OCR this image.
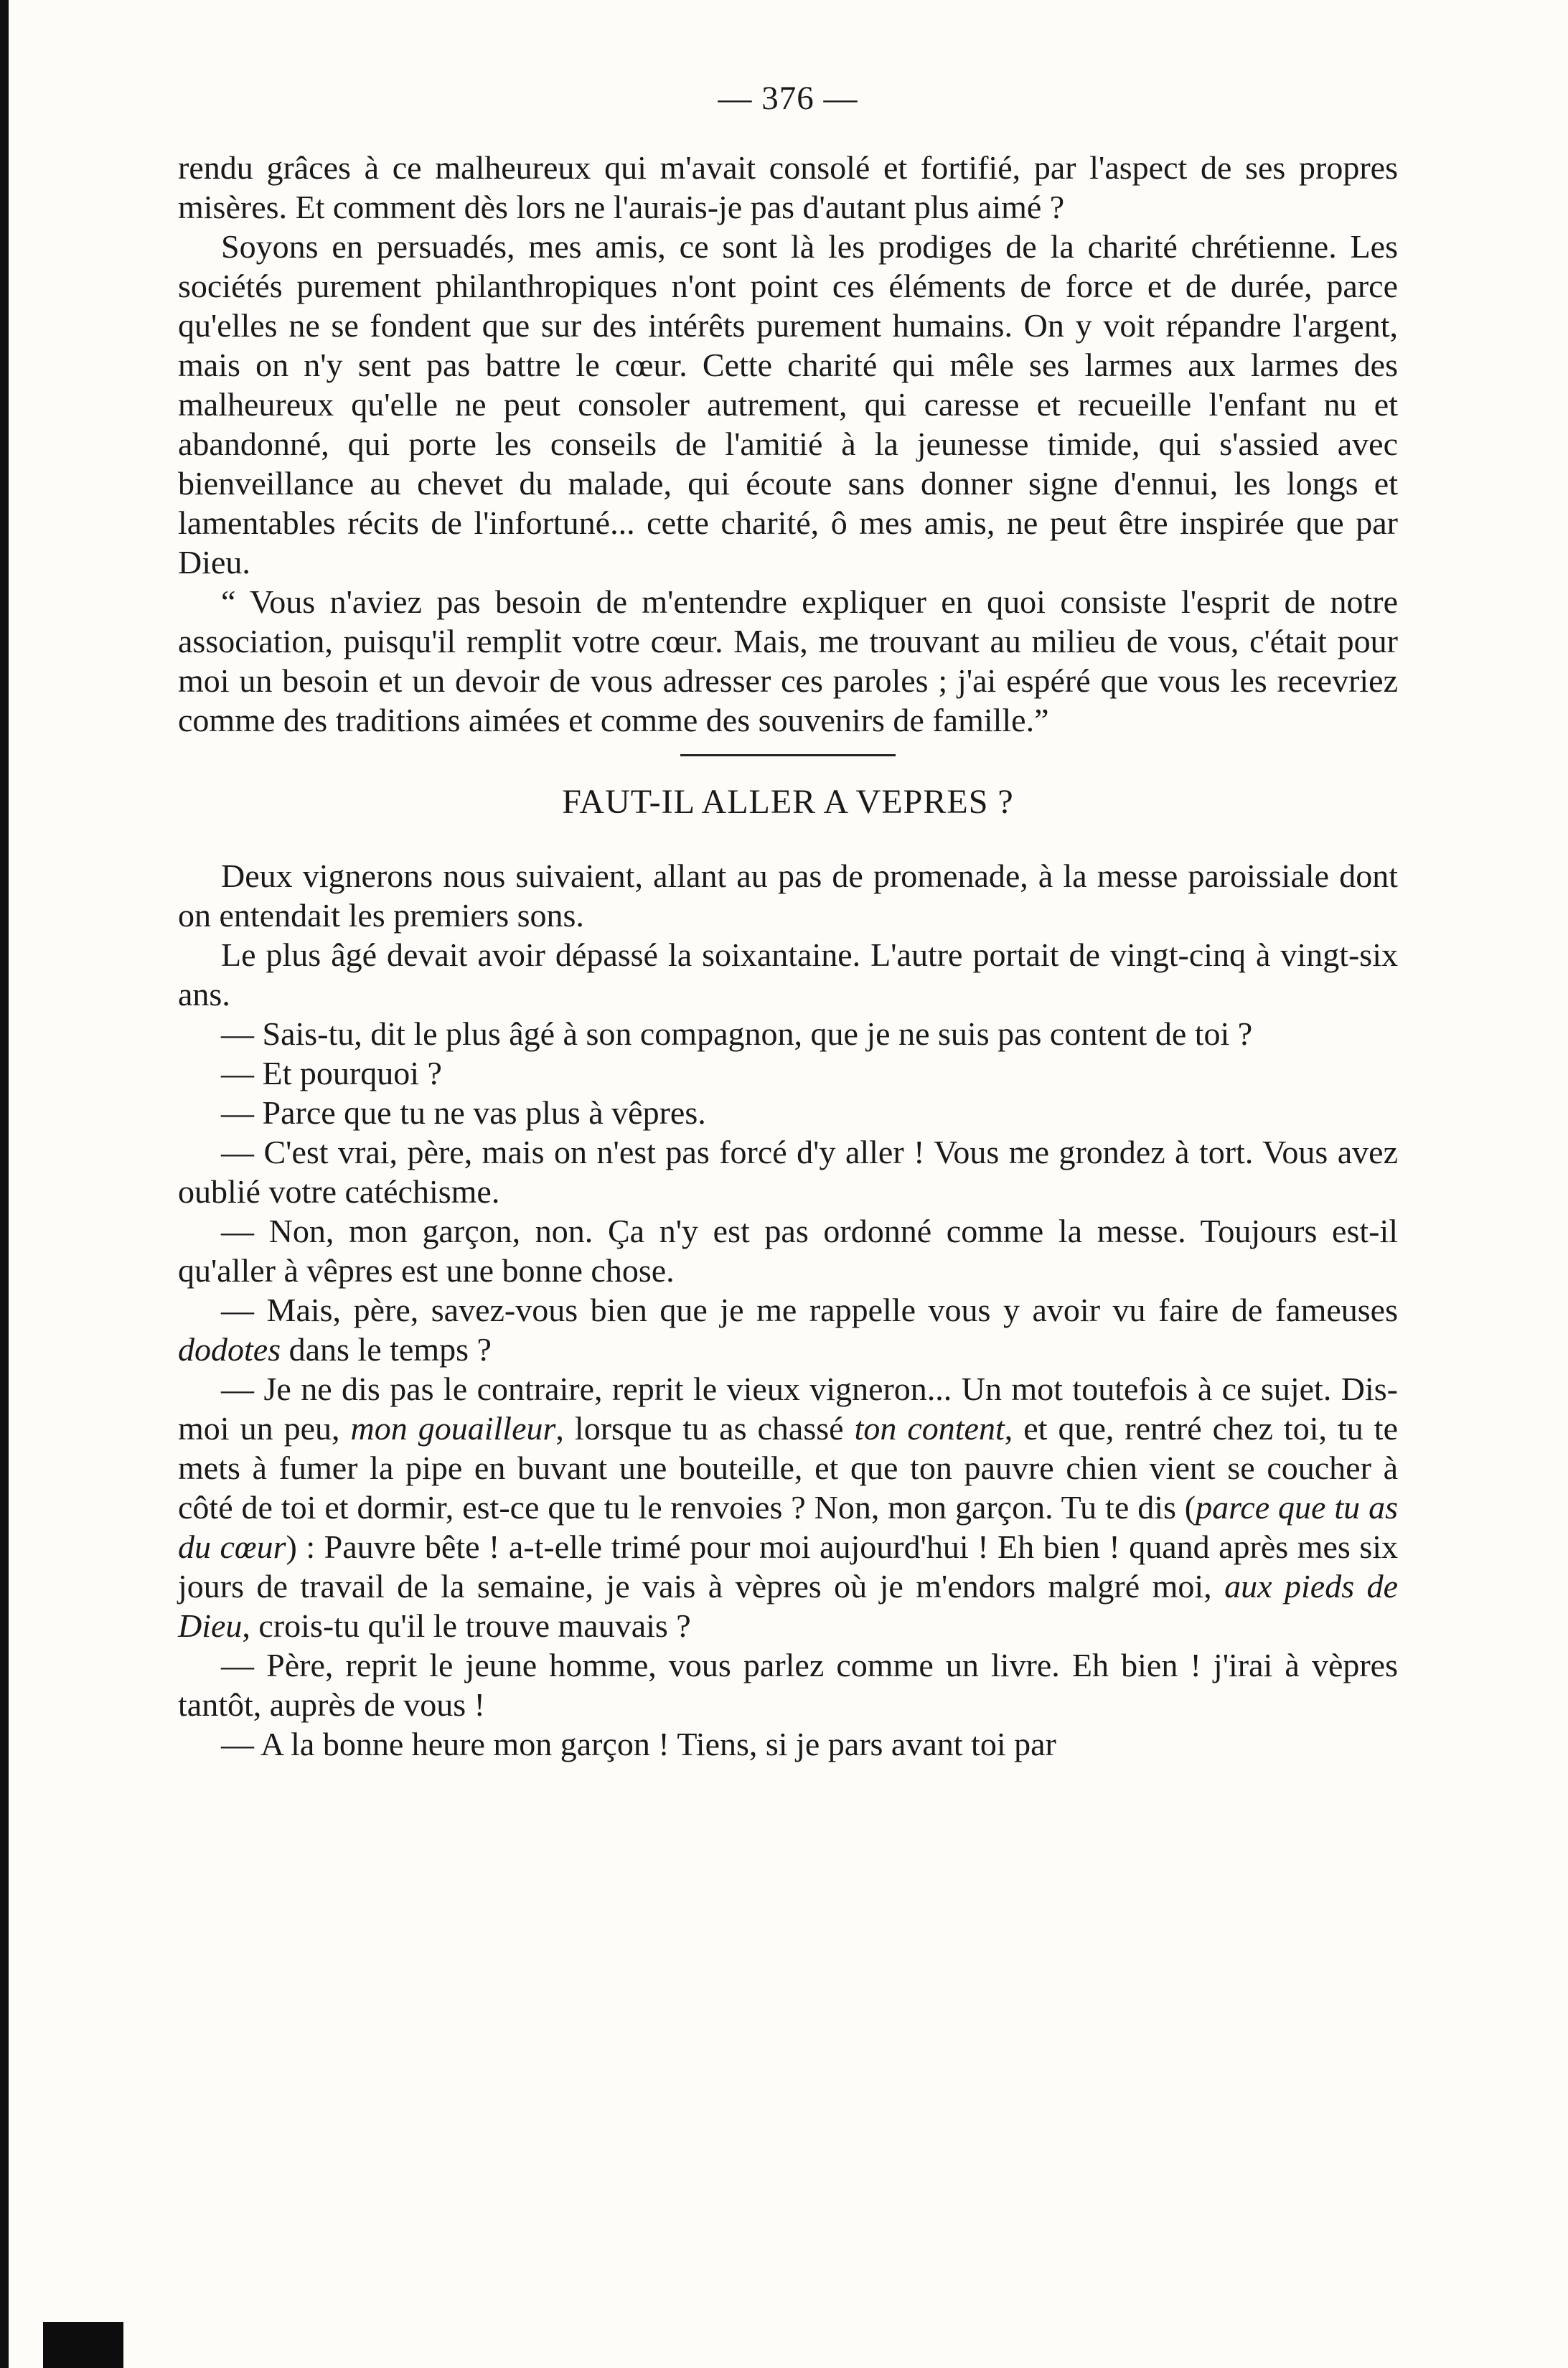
— 376 —

rendu grâces à ce malheureux qui m'avait consolé et fortifié, par l'aspect de ses propres misères. Et comment dès lors ne l'aurais-je pas d'autant plus aimé ?

Soyons en persuadés, mes amis, ce sont là les prodiges de la charité chrétienne. Les sociétés purement philanthropiques n'ont point ces éléments de force et de durée, parce qu'elles ne se fondent que sur des intérêts purement humains. On y voit répandre l'argent, mais on n'y sent pas battre le cœur. Cette charité qui mêle ses larmes aux larmes des malheureux qu'elle ne peut consoler autrement, qui caresse et recueille l'enfant nu et abandonné, qui porte les conseils de l'amitié à la jeunesse timide, qui s'assied avec bienveillance au chevet du malade, qui écoute sans donner signe d'ennui, les longs et lamentables récits de l'infortuné... cette charité, ô mes amis, ne peut être inspirée que par Dieu.

“ Vous n'aviez pas besoin de m'entendre expliquer en quoi consiste l'esprit de notre association, puisqu'il remplit votre cœur. Mais, me trouvant au milieu de vous, c'était pour moi un besoin et un devoir de vous adresser ces paroles ; j'ai espéré que vous les recevriez comme des traditions aimées et comme des souvenirs de famille.”

FAUT-IL ALLER A VEPRES ?

Deux vignerons nous suivaient, allant au pas de promenade, à la messe paroissiale dont on entendait les premiers sons.

Le plus âgé devait avoir dépassé la soixantaine. L'autre portait de vingt-cinq à vingt-six ans.

— Sais-tu, dit le plus âgé à son compagnon, que je ne suis pas content de toi ?

— Et pourquoi ?

— Parce que tu ne vas plus à vêpres.

— C'est vrai, père, mais on n'est pas forcé d'y aller ! Vous me grondez à tort. Vous avez oublié votre catéchisme.

— Non, mon garçon, non. Ça n'y est pas ordonné comme la messe. Toujours est-il qu'aller à vêpres est une bonne chose.

— Mais, père, savez-vous bien que je me rappelle vous y avoir vu faire de fameuses dodotes dans le temps ?

— Je ne dis pas le contraire, reprit le vieux vigneron... Un mot toutefois à ce sujet. Dis-moi un peu, mon gouailleur, lorsque tu as chassé ton content, et que, rentré chez toi, tu te mets à fumer la pipe en buvant une bouteille, et que ton pauvre chien vient se coucher à côté de toi et dormir, est-ce que tu le renvoies ? Non, mon garçon. Tu te dis (parce que tu as du cœur) : Pauvre bête ! a-t-elle trimé pour moi aujourd'hui ! Eh bien ! quand après mes six jours de travail de la semaine, je vais à vèpres où je m'endors malgré moi, aux pieds de Dieu, crois-tu qu'il le trouve mauvais ?

— Père, reprit le jeune homme, vous parlez comme un livre. Eh bien ! j'irai à vèpres tantôt, auprès de vous !

— A la bonne heure mon garçon ! Tiens, si je pars avant toi par
